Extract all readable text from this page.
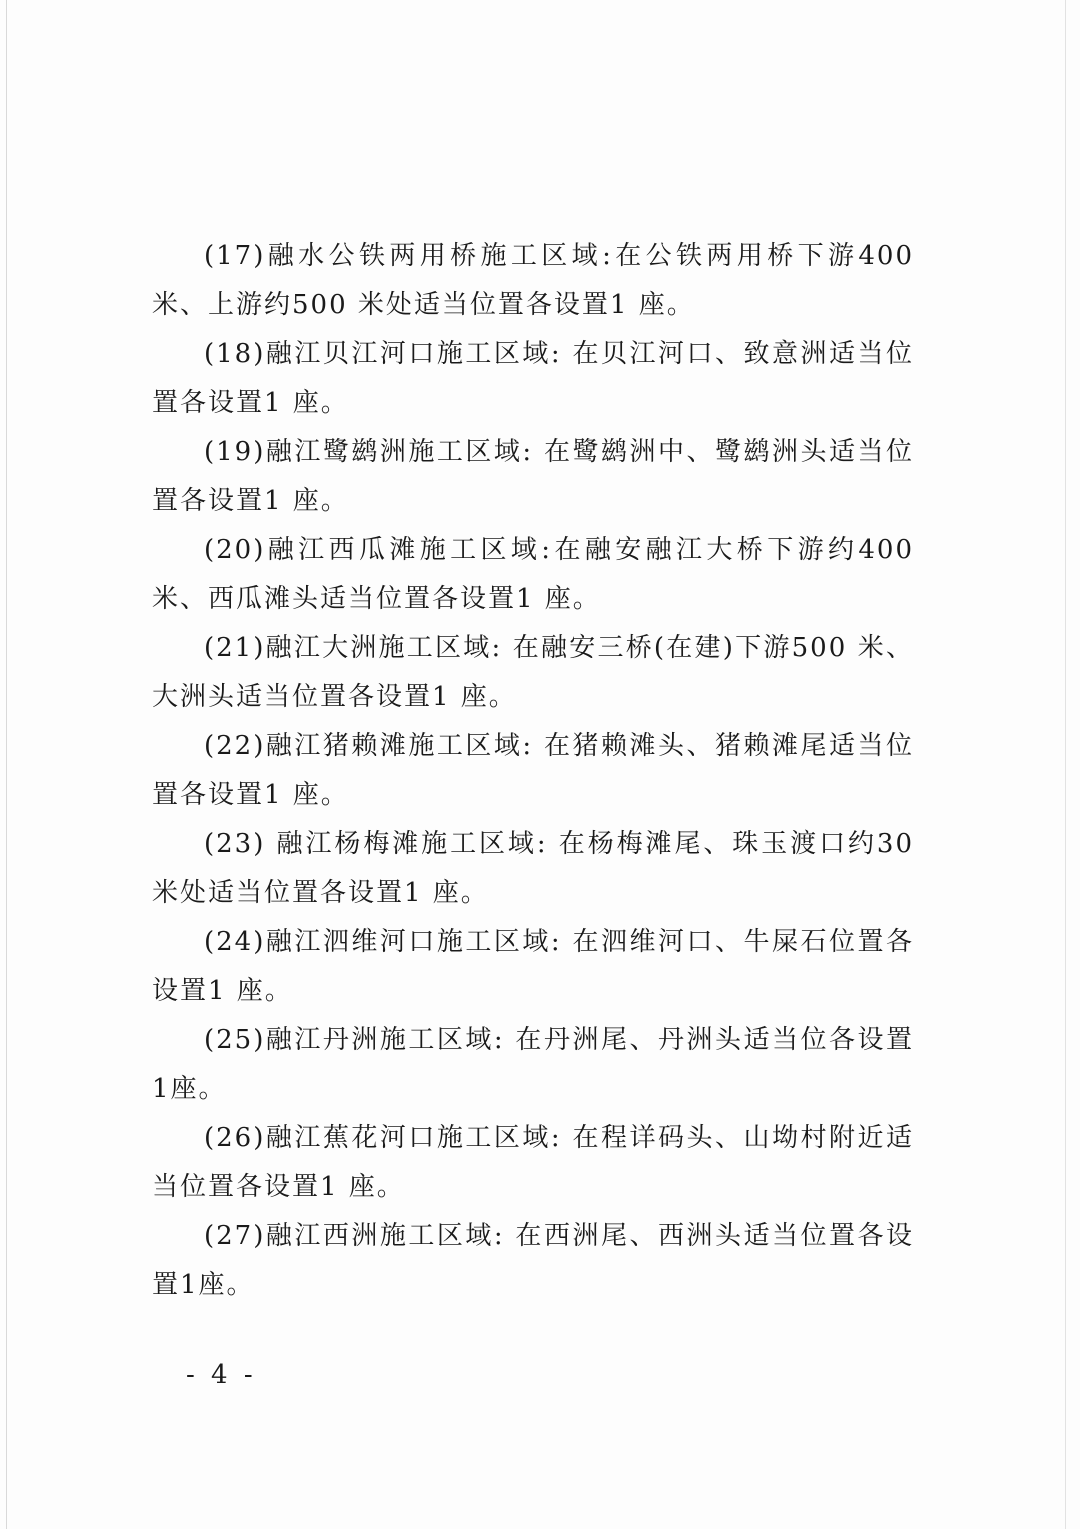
(17)融水公铁两用桥施工区域:在公铁两用桥下游400 米、上游约500 米处适当位置各设置1 座。

(18)融江贝江河口施工区域: 在贝江河口、致意洲适当位置各设置1 座。

(19)融江鹭鹚洲施工区域: 在鹭鹚洲中、鹭鹚洲头适当位置各设置1 座。

(20)融江西瓜滩施工区域:在融安融江大桥下游约400 米、西瓜滩头适当位置各设置1 座。

(21)融江大洲施工区域: 在融安三桥(在建)下游500 米、大洲头适当位置各设置1 座。

(22)融江猪赖滩施工区域: 在猪赖滩头、猪赖滩尾适当位置各设置1 座。

(23) 融江杨梅滩施工区域: 在杨梅滩尾、珠玉渡口约30 米处适当位置各设置1 座。

(24)融江泗维河口施工区域: 在泗维河口、牛屎石位置各设置1 座。

(25)融江丹洲施工区域: 在丹洲尾、丹洲头适当位各设置1座。

(26)融江蕉花河口施工区域: 在程详码头、山坳村附近适当位置各设置1 座。

(27)融江西洲施工区域: 在西洲尾、西洲头适当位置各设置1座。

- 4 -
